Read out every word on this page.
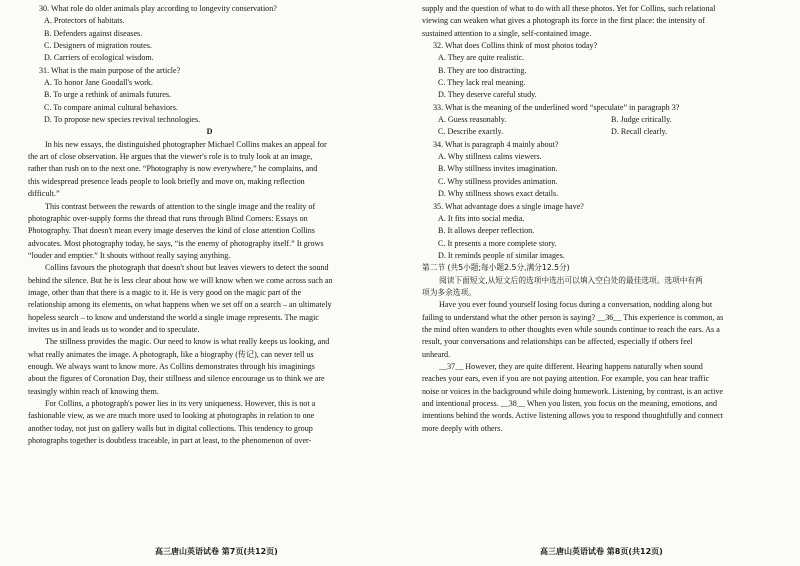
30. What role do older animals play according to longevity conservation?
A. Protectors of habitats.
B. Defenders against diseases.
C. Designers of migration routes.
D. Carriers of ecological wisdom.
31. What is the main purpose of the article?
A. To honor Jane Goodall's work.
B. To urge a rethink of animals futures.
C. To compare animal cultural behaviors.
D. To propose new species revival technologies.
D
In his new essays, the distinguished photographer Michael Collins makes an appeal for
the art of close observation. He argues that the viewer's role is to truly look at an image,
rather than rush on to the next one. “Photography is now everywhere,” he complains, and
this widespread presence leads people to look briefly and move on, making reflection
difficult.”
This contrast between the rewards of attention to the single image and the reality of
photographic over-supply forms the thread that runs through Blind Corners: Essays on
Photography. That doesn't mean every image deserves the kind of close attention Collins
advocates. Most photography today, he says, “is the enemy of photography itself.” It grows
“louder and emptier.” It shouts without really saying anything.
Collins favours the photograph that doesn't shout but leaves viewers to detect the sound
behind the silence. But he is less clear about how we will know when we come across such an
image, other than that there is a magic to it. He is very good on the magic part of the
relationship among its elements, on what happens when we set off on a search – an ultimately
hopeless search – to know and understand the world a single image represents. The magic
invites us in and leads us to wonder and to speculate.
The stillness provides the magic. Our need to know is what really keeps us looking, and
what really animates the image. A photograph, like a biography (传记), can never tell us
enough. We always want to know more. As Collins demonstrates through his imaginings
about the figures of Coronation Day, their stillness and silence encourage us to think we are
teasingly within reach of knowing them.
For Collins, a photograph's power lies in its very uniqueness. However, this is not a
fashionable view, as we are much more used to looking at photographs in relation to one
another today, not just on gallery walls but in digital collections. This tendency to group
photographs together is doubtless traceable, in part at least, to the phenomenon of over-
supply and the question of what to do with all these photos. Yet for Collins, such relational
viewing can weaken what gives a photograph its force in the first place: the intensity of
sustained attention to a single, self-contained image.
32. What does Collins think of most photos today?
A. They are quite realistic.
B. They are too distracting.
C. They lack real meaning.
D. They deserve careful study.
33. What is the meaning of the underlined word “speculate” in paragraph 3?
A. Guess reasonably.	B. Judge critically.
C. Describe exactly.	D. Recall clearly.
34. What is paragraph 4 mainly about?
A. Why stillness calms viewers.
B. Why stillness invites imagination.
C. Why stillness provides animation.
D. Why stillness shows exact details.
35. What advantage does a single image have?
A. It fits into social media.
B. It allows deeper reflection.
C. It presents a more complete story.
D. It reminds people of similar images.
第二节 (共5小题;每小题2.5分,满分12.5分)
阅读下面短文,从短文后的选项中选出可以填入空白处的最佳选项。选项中有两
项为多余选项。
Have you ever found yourself losing focus during a conversation, nodding along but
failing to understand what the other person is saying? __36__ This experience is common, as
the mind often wanders to other thoughts even while sounds continue to reach the ears. As a
result, your conversations and relationships can be affected, especially if others feel
unheard.
__37__ However, they are quite different. Hearing happens naturally when sound
reaches your ears, even if you are not paying attention. For example, you can hear traffic
noise or voices in the background while doing homework. Listening, by contrast, is an active
and intentional process. __38__ When you listen, you focus on the meaning, emotions, and
intentions behind the words. Active listening allows you to respond thoughtfully and connect
more deeply with others.
高三唐山英语试卷 第7页(共12页)	高三唐山英语试卷 第8页(共12页)
